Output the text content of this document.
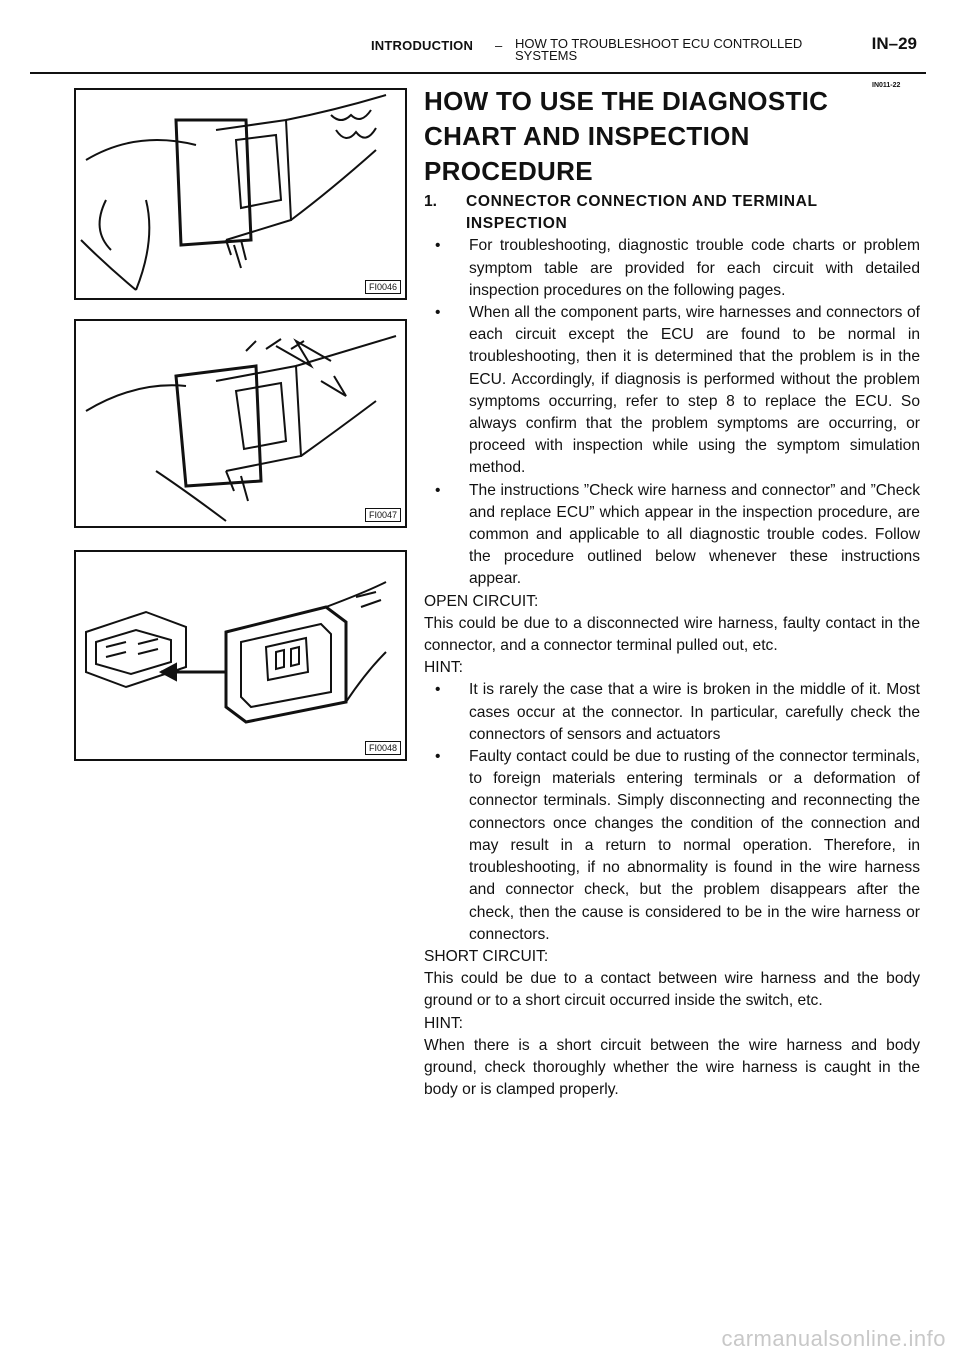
INTRODUCTION – HOW TO TROUBLESHOOT ECU CONTROLLED SYSTEMS
IN–29
IN011-22
FI0046
FI0047
FI0048
HOW TO USE THE DIAGNOSTIC CHART AND INSPECTION PROCEDURE
1.	CONNECTOR CONNECTION AND TERMINAL INSPECTION
• For troubleshooting, diagnostic trouble code charts or problem symptom table are provided for each circuit with detailed inspection procedures on the following pages.
• When all the component parts, wire harnesses and connectors of each circuit except the ECU are found to be normal in troubleshooting, then it is determined that the problem is in the ECU. Accordingly, if diagnosis is performed without the problem symptoms occurring, refer to step 8 to replace the ECU. So always confirm that the problem symptoms are occurring, or proceed with inspection while using the symptom simulation method.
• The instructions ”Check wire harness and connector” and ”Check and replace ECU” which appear in the inspection procedure, are common and applicable to all diagnostic trouble codes. Follow the procedure outlined below whenever these instructions appear.
OPEN CIRCUIT:
This could be due to a disconnected wire harness, faulty contact in the connector, and a connector terminal pulled out, etc.
HINT:
• It is rarely the case that a wire is broken in the middle of it. Most cases occur at the connector. In particular, carefully check the connectors of sensors and actuators
• Faulty contact could be due to rusting of the connector terminals, to foreign materials entering terminals or a deformation of connector terminals. Simply disconnecting and reconnecting the connectors once changes the condition of the connection and may result in a return to normal operation. Therefore, in troubleshooting, if no abnormality is found in the wire harness and connector check, but the problem disappears after the check, then the cause is considered to be in the wire harness or connectors.
SHORT CIRCUIT:
This could be due to a contact between wire harness and the body ground or to a short circuit occurred inside the switch, etc.
HINT:
When there is a short circuit between the wire harness and body ground, check thoroughly whether the wire harness is caught in the body or is clamped properly.
carmanualsonline.info
